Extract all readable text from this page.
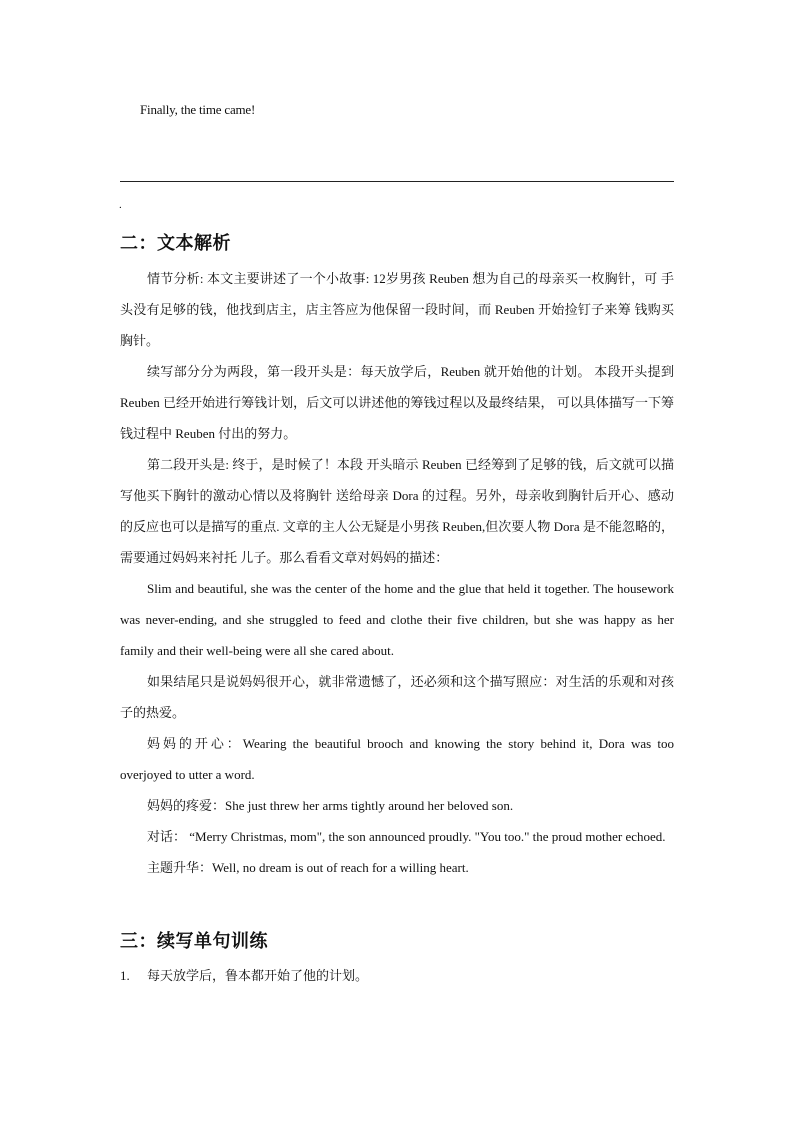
Finally, the time came!
.
二：文本解析

情节分析: 本文主要讲述了一个小故事: 12岁男孩 Reuben 想为自己的母亲买一枚胸针，可 手头没有足够的钱，他找到店主，店主答应为他保留一段时间，而 Reuben 开始捡钉子来筹 钱购买胸针。

续写部分分为两段，第一段开头是：每天放学后，Reuben 就开始他的计划。 本段开头提到 Reuben 已经开始进行筹钱计划，后文可以讲述他的筹钱过程以及最终结果， 可以具体描写一下筹钱过程中 Reuben 付出的努力。

第二段开头是: 终于，是时候了！本段 开头暗示 Reuben 已经筹到了足够的钱，后文就可以描写他买下胸针的激动心情以及将胸针 送给母亲 Dora 的过程。另外，母亲收到胸针后开心、感动的反应也可以是描写的重点. 文章的主人公无疑是小男孩 Reuben,但次要人物 Dora 是不能忽略的，需要通过妈妈来衬托 儿子。那么看看文章对妈妈的描述：

Slim and beautiful, she was the center of the home and the glue that held it together. The housework was never-ending, and she struggled to feed and clothe their five children, but she was happy as her family and their well-being were all she cared about.

如果结尾只是说妈妈很开心，就非常遗憾了，还必须和这个描写照应：对生活的乐观和对孩子的热爱。

妈妈的开心：Wearing the beautiful brooch and knowing the story behind it, Dora was too overjoyed to utter a word.

妈妈的疼爱：She just threw her arms tightly around her beloved son.

对话： “Merry Christmas, mom", the son announced proudly. "You too." the proud mother echoed.

主题升华：Well, no dream is out of reach for a willing heart.

三：续写单句训练
1. 每天放学后，鲁本都开始了他的计划。
